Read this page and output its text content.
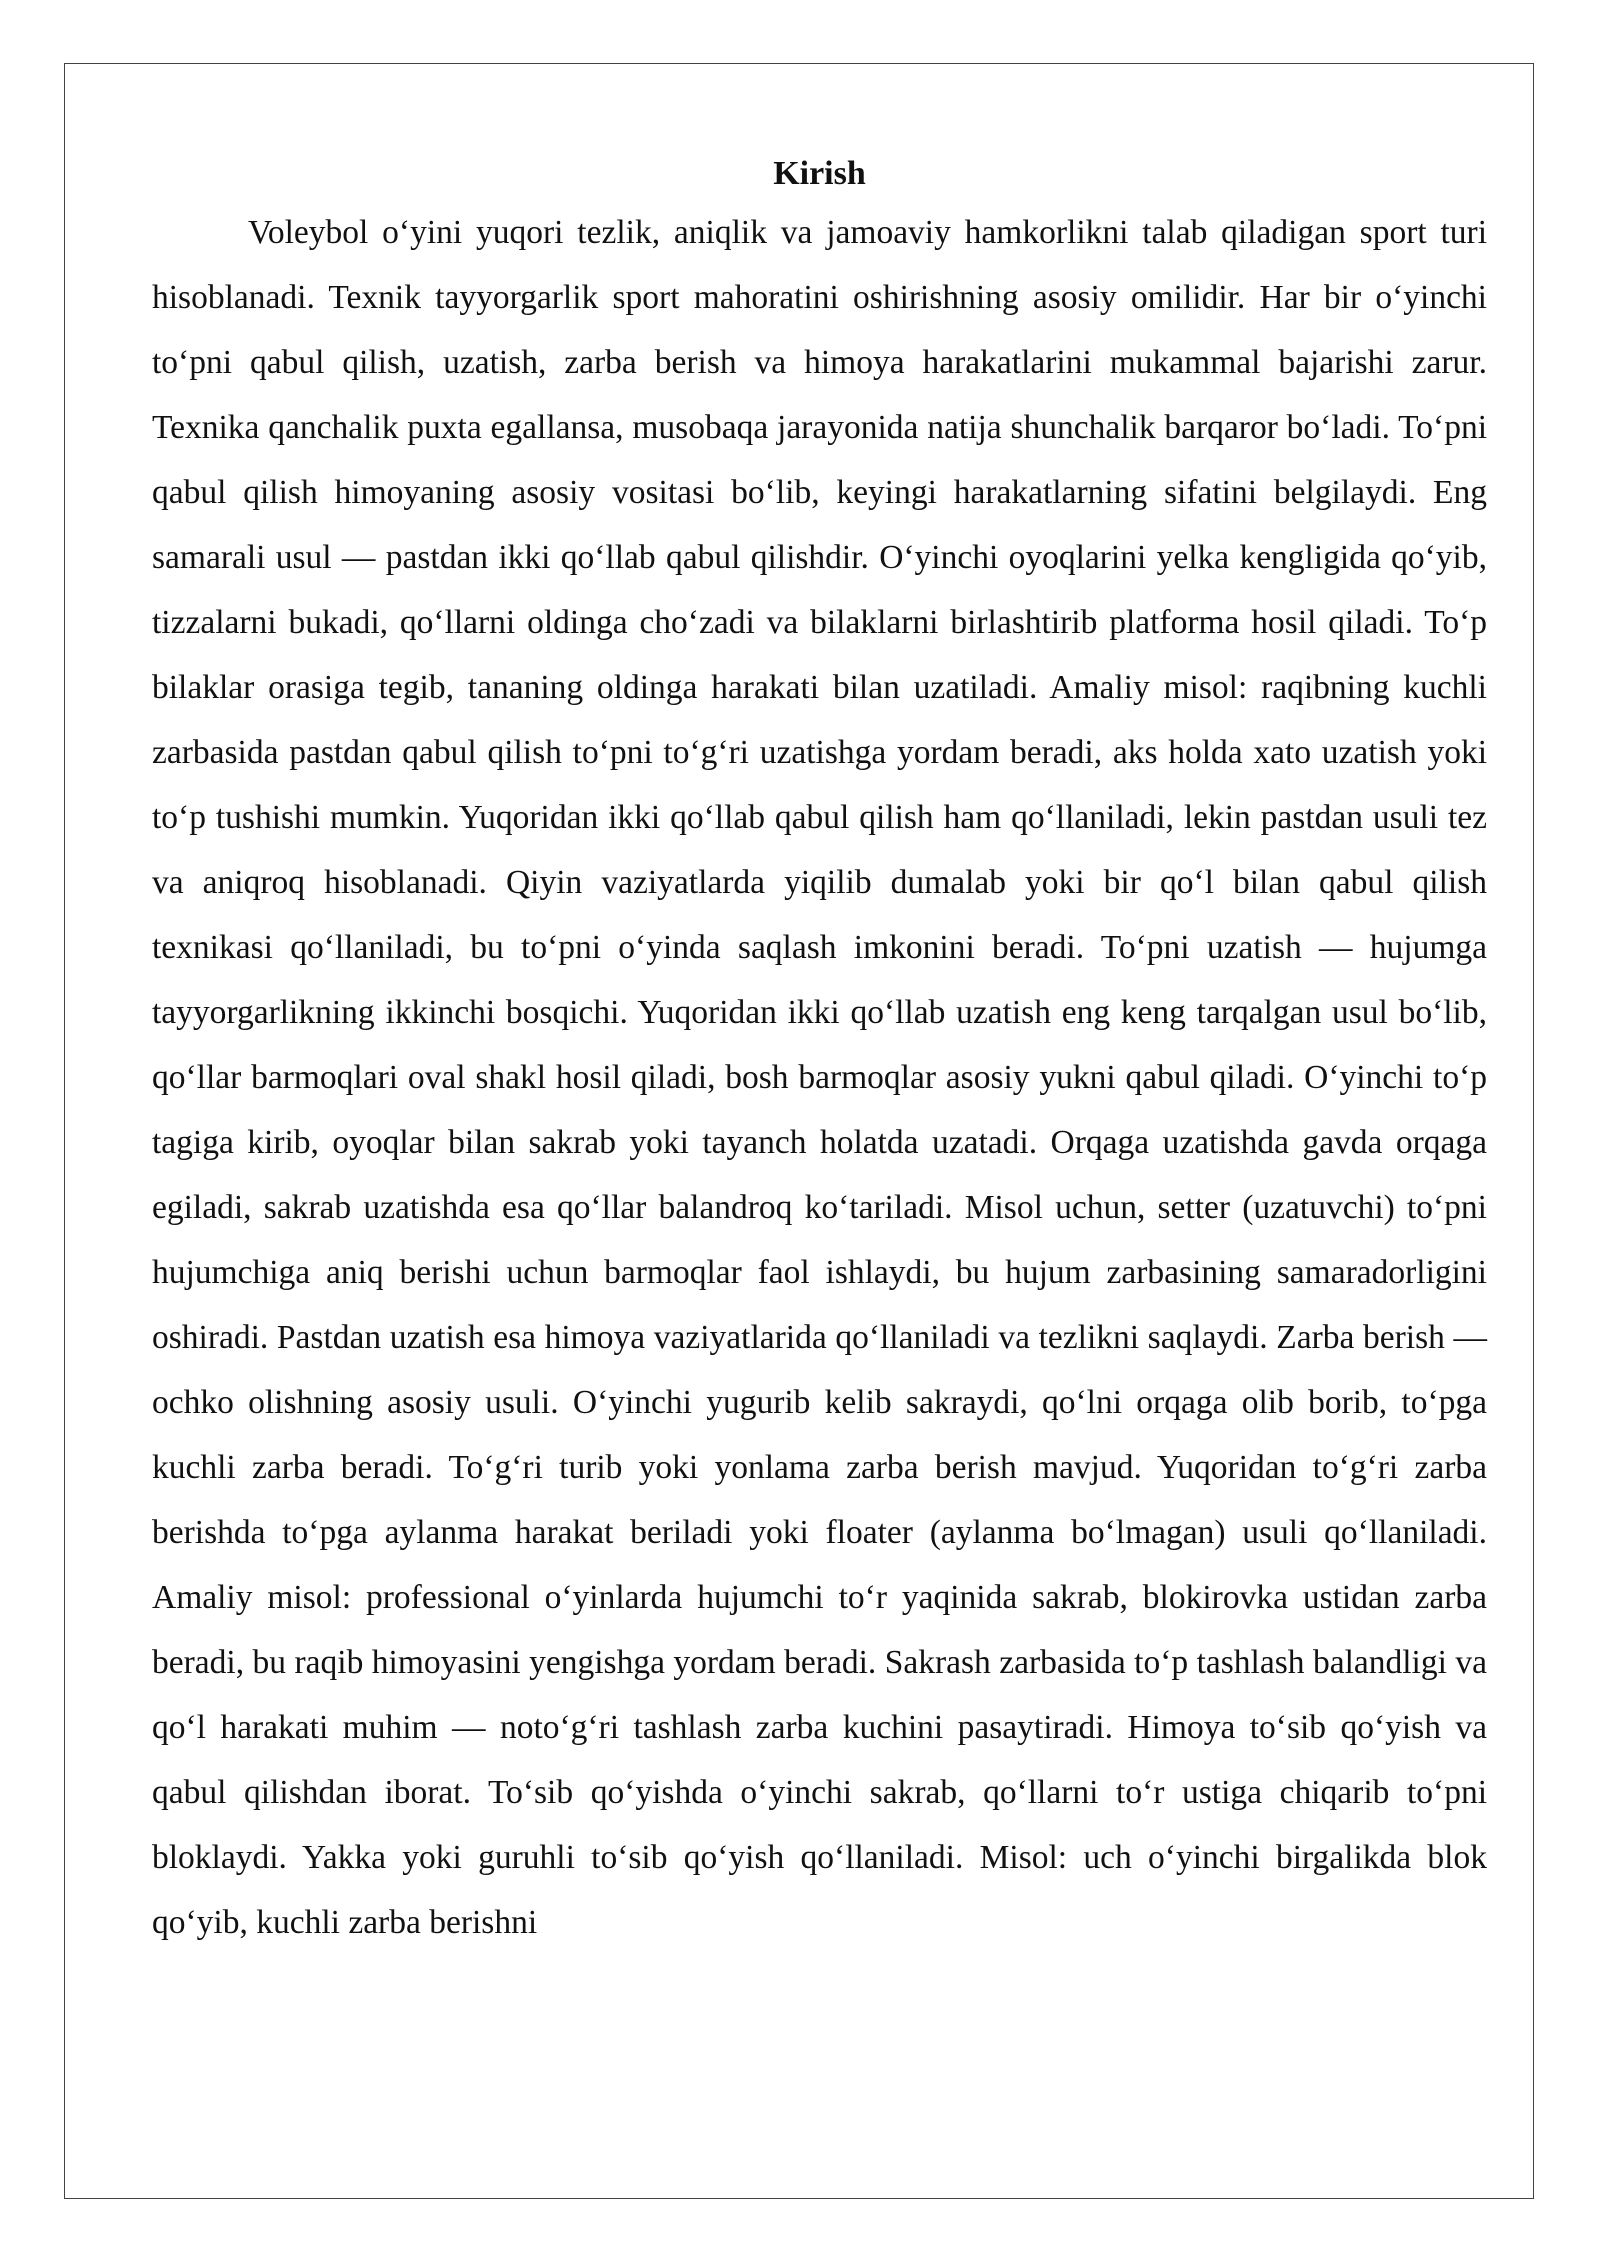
Kirish

Voleybol o‘yini yuqori tezlik, aniqlik va jamoaviy hamkorlikni talab qiladigan sport turi hisoblanadi. Texnik tayyorgarlik sport mahoratini oshirishning asosiy omilidir. Har bir o‘yinchi to‘pni qabul qilish, uzatish, zarba berish va himoya harakatlarini mukammal bajarishi zarur. Texnika qanchalik puxta egallansa, musobaqa jarayonida natija shunchalik barqaror bo‘ladi. To‘pni qabul qilish himoyaning asosiy vositasi bo‘lib, keyingi harakatlarning sifatini belgilaydi. Eng samarali usul — pastdan ikki qo‘llab qabul qilishdir. O‘yinchi oyoqlarini yelka kengligida qo‘yib, tizzalarni bukadi, qo‘llarni oldinga cho‘zadi va bilaklarni birlashtirib platforma hosil qiladi. To‘p bilaklar orasiga tegib, tananing oldinga harakati bilan uzatiladi. Amaliy misol: raqibning kuchli zarbasida pastdan qabul qilish to‘pni to‘g‘ri uzatishga yordam beradi, aks holda xato uzatish yoki to‘p tushishi mumkin. Yuqoridan ikki qo‘llab qabul qilish ham qo‘llaniladi, lekin pastdan usuli tez va aniqroq hisoblanadi. Qiyin vaziyatlarda yiqilib dumalab yoki bir qo‘l bilan qabul qilish texnikasi qo‘llaniladi, bu to‘pni o‘yinda saqlash imkonini beradi. To‘pni uzatish — hujumga tayyorgarlikning ikkinchi bosqichi. Yuqoridan ikki qo‘llab uzatish eng keng tarqalgan usul bo‘lib, qo‘llar barmoqlari oval shakl hosil qiladi, bosh barmoqlar asosiy yukni qabul qiladi. O‘yinchi to‘p tagiga kirib, oyoqlar bilan sakrab yoki tayanch holatda uzatadi. Orqaga uzatishda gavda orqaga egiladi, sakrab uzatishda esa qo‘llar balandroq ko‘tariladi. Misol uchun, setter (uzatuvchi) to‘pni hujumchiga aniq berishi uchun barmoqlar faol ishlaydi, bu hujum zarbasining samaradorligini oshiradi. Pastdan uzatish esa himoya vaziyatlarida qo‘llaniladi va tezlikni saqlaydi. Zarba berish — ochko olishning asosiy usuli. O‘yinchi yugurib kelib sakraydi, qo‘lni orqaga olib borib, to‘pga kuchli zarba beradi. To‘g‘ri turib yoki yonlama zarba berish mavjud. Yuqoridan to‘g‘ri zarba berishda to‘pga aylanma harakat beriladi yoki floater (aylanma bo‘lmagan) usuli qo‘llaniladi. Amaliy misol: professional o‘yinlarda hujumchi to‘r yaqinida sakrab, blokirovka ustidan zarba beradi, bu raqib himoyasini yengishga yordam beradi. Sakrash zarbasida to‘p tashlash balandligi va qo‘l harakati muhim — noto‘g‘ri tashlash zarba kuchini pasaytiradi. Himoya to‘sib qo‘yish va qabul qilishdan iborat. To‘sib qo‘yishda o‘yinchi sakrab, qo‘llarni to‘r ustiga chiqarib to‘pni bloklaydi. Yakka yoki guruhli to‘sib qo‘yish qo‘llaniladi. Misol: uch o‘yinchi birgalikda blok qo‘yib, kuchli zarba berishni
